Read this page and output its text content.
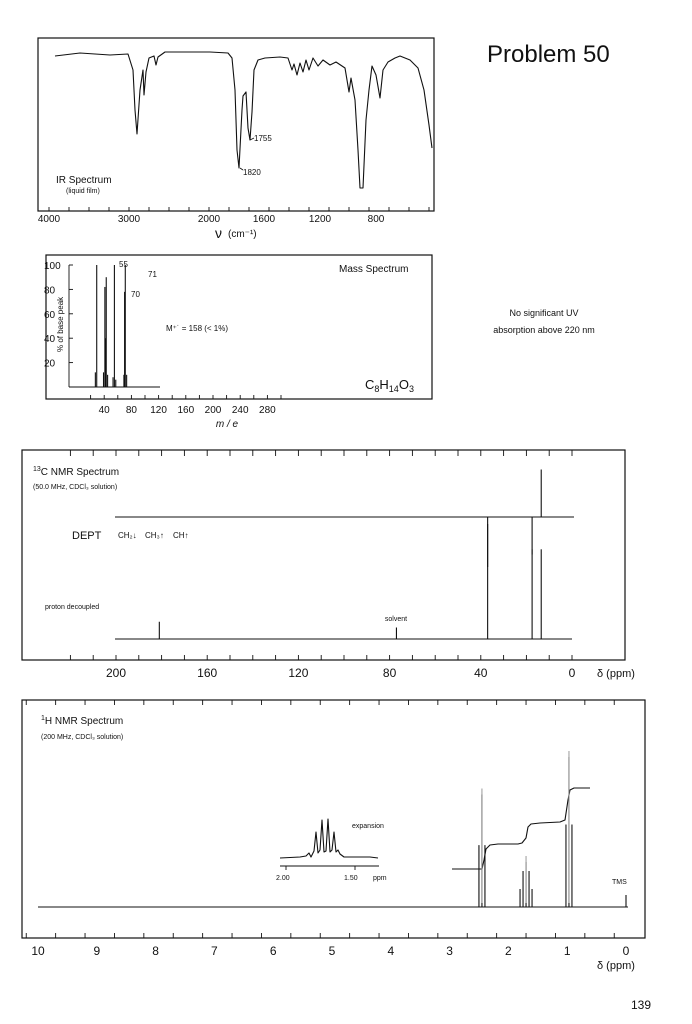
Problem 50
1755
1820
IR Spectrum
(liquid film)
4000	3000	2000	1600	1200	800
ν (cm⁻¹)
Mass Spectrum
% of base peak
20
40
60
80
100	55
70
71
M⁺˙ = 158 (< 1%)
$C_8H_{14}O_3$
40 80 120 160 200 240 280
m / e
No significant UV
absorption above 220 nm
$^{13}$C NMR Spectrum
(50.0 MHz, CDCl₃ solution)
DEPT CH₂↓ CH₃↑ CH↑
proton decoupled
solvent
200	160	120	80	40	0 δ (ppm)
$^1$H NMR Spectrum
(200 MHz, CDCl₃ solution)
expansion
2.00	1.50 ppm
TMS
10	9	8	7	6	5	4	3	2	1	0
δ (ppm)
139
